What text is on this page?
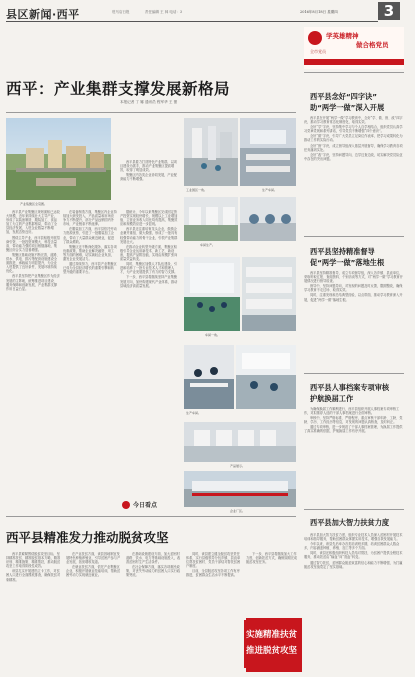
县区新闻·西平	驻马店日报	责任编辑 王 林 电话：3	2016年8月18日 星期四	3
学英雄精神
做合格党员
全市党员
西平：产业集群支撑发展新格局
本报记者 丁 娜 通讯员 程军华 王 蕾
产业集聚区全景图。
工业园区一角。	生产车间。
车间生产。
车间一角。
生产车间。
产品展示。
企业厂区。
今日看点

西平县产业集聚区规划面积已达较大规模，近年来持续壮大主导产业，形成了以装备制造、服装加工、食品加工为主的产业集群格局，带动了全县经济发展，入驻企业数量不断增加，发展态势良好。

围绕主导产业，西平县积极开展招商引资，一批投资规模大、科技含量高、带动能力强的项目相继落地，集聚区综合实力显著增强。

集聚区基础设施不断完善，道路、供水、供电、排污等配套设施建设全面推进，承载能力明显提升，为企业入驻提供了良好条件，发展环境持续优化。

西平县坚持把产业集聚区作为经济发展的主阵地，统筹推进项目建设、服务保障和创新发展，产业集群支撑作用日益凸显。

在装备制造方面，集聚区内企业持续加大研发投入，产品质量和市场竞争力不断提升，部分产品远销国内外市场，产业链条不断延伸。

在服装加工方面，西平县依托劳动力资源优势，引进了一批服装加工企业，带动了大量群众就近就业，促进了群众增收。

集聚区还不断深化服务，落实各项优惠政策，帮助企业解决融资、用工等方面的困难，切实减轻企业负担，激发企业发展活力。

通过持续努力，西平县产业集聚区已成为全县经济增长的重要引擎和转型升级的重要平台。

据统计，今年以来集聚区完成固定资产投资实现较快增长，规模以上工业增加值、主营业务收入同比均有提高，集聚效应和规模效应进一步显现。

西平县还注重培育龙头企业，鼓励企业兼并重组、做大做强，形成了一批具有较强带动能力的骨干企业，引领产业集群发展壮大。

在推动企业转型升级方面，集聚区积极引导企业运用新技术、新工艺、新设备，提高产品附加值，实现由规模扩张向质量效益转变。

同时，集聚区加强人才队伍建设，引进和培养了一批专业技术人才和管理人才，为产业发展提供了有力的智力支撑。

下一步，西平县将继续坚持产业集聚发展方向，加快构建现代产业体系，推动县域经济高质量发展。

西平县着力打造特色产业集群，以项目建设为抓手，推动产业集聚区提质增效，取得了明显成效。

集聚区内各类企业协同发展，产业配套能力不断增强。

西平县念好“四字诀”
助“两学一做”深入开展

西平县在开展“两学一做”学习教育中，念好“学、做、督、改”四字诀，推动学习教育常态化制度化，取得实效。

念好“学”字诀，坚持集中学习与个人自学相结合，组织党员认真学习党章党规和系列讲话，引导党员不断增强“四个意识”。

念好“做”字诀，引导广大党员立足岗位作表率，把学习成果转化为推动工作的实际行动。

念好“督”字诀，成立督导组深入基层开展督导，确保学习教育各项任务落到实处。

念好“改”字诀，坚持问题导向，边学边查边改，切实解决党员队伍中存在的突出问题。

西平县坚持精准督导
促“两学一做”落地生根

西平县坚持精准督导，成立专项督导组，深入各乡镇、县直单位，采取听取汇报、查阅资料、个别访谈等方式，对“两学一做”学习教育开展情况进行督导检查。

督导中，坚持问题导向，对发现的问题及时反馈，限期整改，确保学习教育不走过场、取得实效。

同时，注重发现和总结典型经验，以点带面，推动学习教育深入开展，促进“两学一做”落地生根。

西平县人事档案专项审核
护航换届工作

为确保换届工作顺利进行，西平县组织开展人事档案专项审核工作，对拟推荐人选的干部人事档案进行全面审核。

审核中，坚持严格标准、严格程序，重点审核干部年龄、工龄、党龄、学历、工作经历等信息，对发现的问题认真核查，及时纠正。

通过专项审核，进一步规范了干部人事档案管理，为换届工作提供了真实准确的依据，护航换届工作有序开展。

西平县加大智力扶贫力度

西平县加大智力扶贫力度，组织专业技术人员深入贫困村开展技术培训和指导服务，帮助贫困群众掌握实用技术，增强自我发展能力。

今年以来，该县先后举办各类培训班多期，培训贫困群众人数众多，内容涵盖种植、养殖、加工等多个方面。

同时，该县还积极组织科技人员结对帮扶，为贫困户提供全程技术服务，推动扶贫由“输血”向“造血”转变。

通过智力扶贫，贫困群众脱贫致富的信心和能力不断增强，为打赢脱贫攻坚战奠定了坚实基础。

西平县精准发力推动脱贫攻坚

西平县紧紧围绕脱贫攻坚目标，坚持精准扶贫、精准脱贫基本方略，精准识别、精准施策、精准帮扶，推动脱贫攻坚工作取得阶段性成效。

该县扎实开展建档立卡工作，对贫困人口进行全面摸底排查，确保扶贫对象精准。

在产业扶贫方面，该县因地制宜发展特色种植养殖业，引导贫困户参与产业发展，拓宽增收渠道。

在就业扶贫方面，依托产业集聚区企业，积极开展就业技能培训，帮助贫困劳动力实现就近就业。

在基础设施建设方面，加大贫困村道路、饮水、电力等基础设施投入，改善贫困村生产生活条件。

在社会保障方面，落实各项惠民政策，对丧失劳动能力的贫困人口实行政策兜底。

同时，该县建立健全脱贫攻坚责任体系，实行县级领导分包乡镇、县直单位帮扶贫困村、党员干部结对帮扶贫困户制度。

目前，全县脱贫攻坚各项工作有序推进，贫困群众生活水平不断提高。

下一步，西平县将继续加大工作力度，创新扶贫方式，确保如期完成脱贫攻坚任务。

实施精准扶贫
推进脱贫攻坚
